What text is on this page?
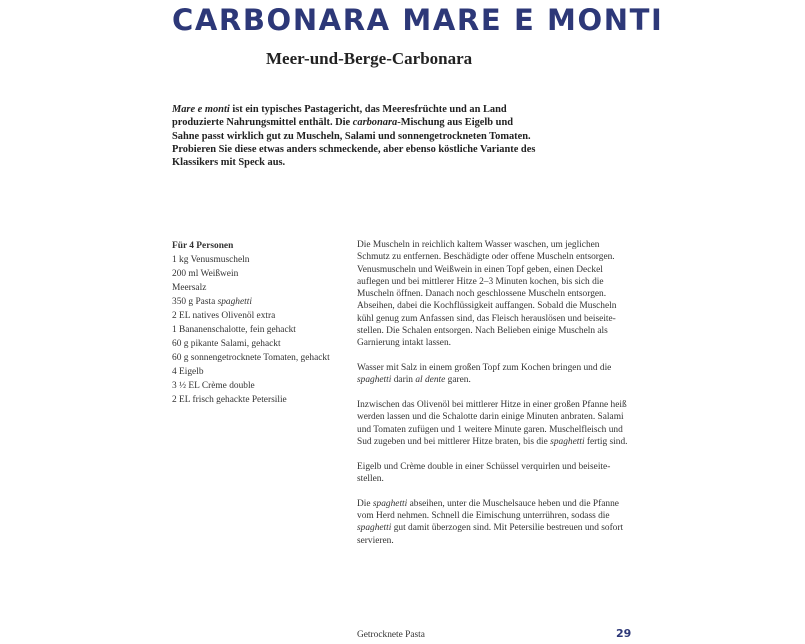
CARBONARA MARE E MONTI
Meer-und-Berge-Carbonara

Mare e monti ist ein typisches Pastagericht, das Meeresfrüchte und an Land
produzierte Nahrungsmittel enthält. Die carbonara-Mischung aus Eigelb und
Sahne passt wirklich gut zu Muscheln, Salami und sonnengetrockneten Tomaten.
Probieren Sie diese etwas anders schmeckende, aber ebenso köstliche Variante des
Klassikers mit Speck aus.

Für 4 Personen
1 kg Venusmuscheln
200 ml Weißwein
Meersalz
350 g Pasta spaghetti
2 EL natives Olivenöl extra
1 Bananenschalotte, fein gehackt
60 g pikante Salami, gehackt
60 g sonnengetrocknete Tomaten, gehackt
4 Eigelb
3 ½ EL Crème double
2 EL frisch gehackte Petersilie

Die Muscheln in reichlich kaltem Wasser waschen, um jeglichen
Schmutz zu entfernen. Beschädigte oder offene Muscheln entsorgen.
Venusmuscheln und Weißwein in einen Topf geben, einen Deckel
auflegen und bei mittlerer Hitze 2–3 Minuten kochen, bis sich die
Muscheln öffnen. Danach noch geschlossene Muscheln entsorgen.
Abseihen, dabei die Kochflüssigkeit auffangen. Sobald die Muscheln
kühl genug zum Anfassen sind, das Fleisch herauslösen und beiseite-
stellen. Die Schalen entsorgen. Nach Belieben einige Muscheln als
Garnierung intakt lassen.

Wasser mit Salz in einem großen Topf zum Kochen bringen und die
spaghetti darin al dente garen.

Inzwischen das Olivenöl bei mittlerer Hitze in einer großen Pfanne heiß
werden lassen und die Schalotte darin einige Minuten anbraten. Salami
und Tomaten zufügen und 1 weitere Minute garen. Muschelfleisch und
Sud zugeben und bei mittlerer Hitze braten, bis die spaghetti fertig sind.

Eigelb und Crème double in einer Schüssel verquirlen und beiseite-
stellen.

Die spaghetti abseihen, unter die Muschelsauce heben und die Pfanne
vom Herd nehmen. Schnell die Eimischung unterrühren, sodass die
spaghetti gut damit überzogen sind. Mit Petersilie bestreuen und sofort
servieren.

Getrocknete Pasta	29
